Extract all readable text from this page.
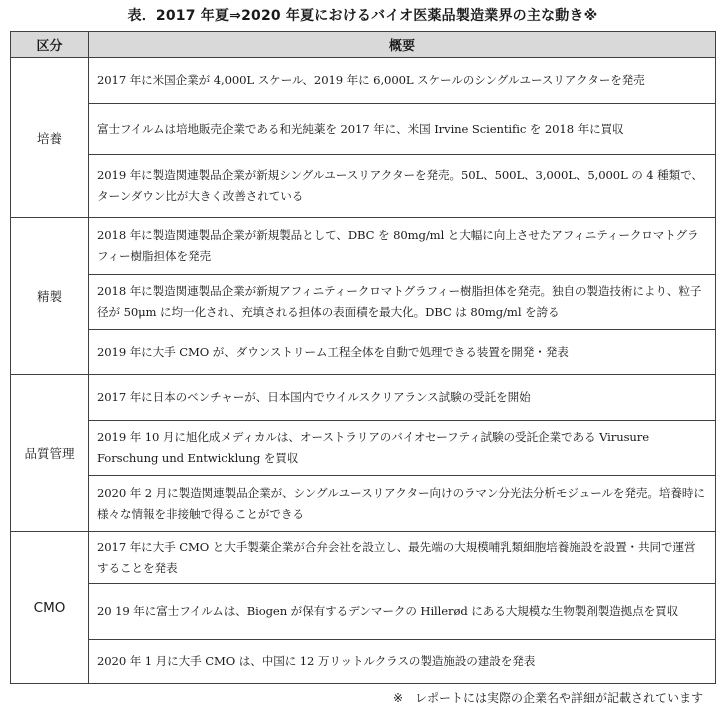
表．2017 年夏⇒2020 年夏におけるバイオ医薬品製造業界の主な動き※
区分	概要
培養	2017 年に米国企業が 4,000L スケール、2019 年に 6,000L スケールのシングルユースリアクターを発売
	富士フイルムは培地販売企業である和光純薬を 2017 年に、米国 Irvine Scientific を 2018 年に買収
	2019 年に製造関連製品企業が新規シングルユースリアクターを発売。50L、500L、3,000L、5,000L の 4 種類で、ターンダウン比が大きく改善されている
精製	2018 年に製造関連製品企業が新規製品として、DBC を 80mg/ml と大幅に向上させたアフィニティークロマトグラフィー樹脂担体を発売
	2018 年に製造関連製品企業が新規アフィニティークロマトグラフィー樹脂担体を発売。独自の製造技術により、粒子径が 50μm に均一化され、充填される担体の表面積を最大化。DBC は 80mg/ml を誇る
	2019 年に大手 CMO が、ダウンストリーム工程全体を自動で処理できる装置を開発・発表
品質管理	2017 年に日本のベンチャーが、日本国内でウイルスクリアランス試験の受託を開始
	2019 年 10 月に旭化成メディカルは、オーストラリアのバイオセーフティ試験の受託企業である Virusure Forschung und Entwicklung を買収
	2020 年 2 月に製造関連製品企業が、シングルユースリアクター向けのラマン分光法分析モジュールを発売。培養時に様々な情報を非接触で得ることができる
CMO	2017 年に大手 CMO と大手製薬企業が合弁会社を設立し、最先端の大規模哺乳類細胞培養施設を設置・共同で運営することを発表
	20 19 年に富士フイルムは、Biogen が保有するデンマークの Hillerød にある大規模な生物製剤製造拠点を買収
	2020 年 1 月に大手 CMO は、中国に 12 万リットルクラスの製造施設の建設を発表
※　レポートには実際の企業名や詳細が記載されています
